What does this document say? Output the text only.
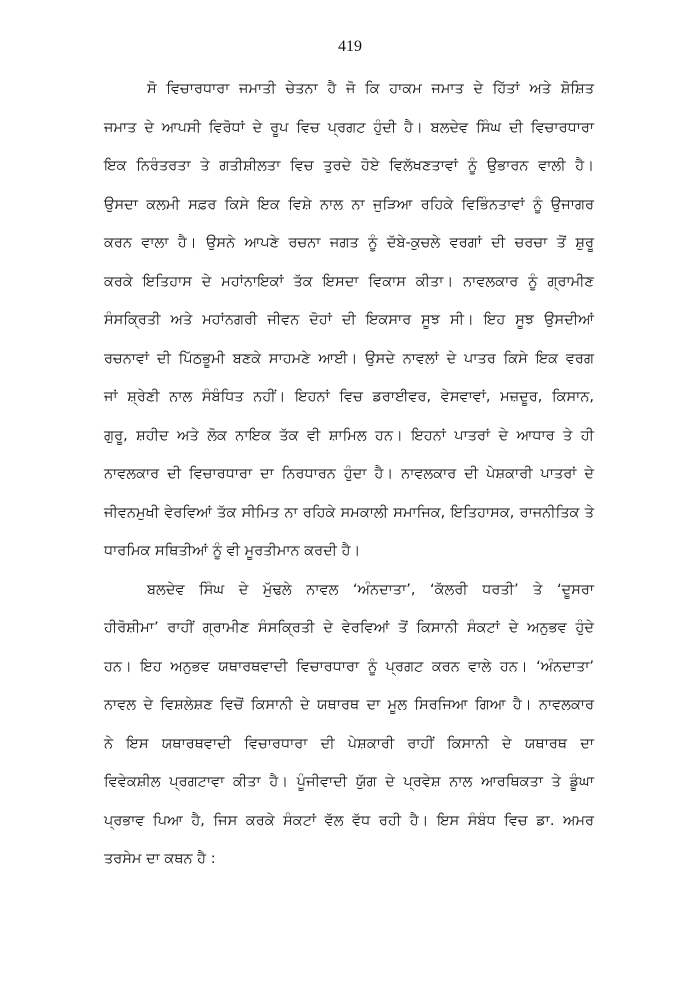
419
ਸੋ ਵਿਚਾਰਧਾਰਾ ਜਮਾਤੀ ਚੇਤਨਾ ਹੈ ਜੋ ਕਿ ਹਾਕਮ ਜਮਾਤ ਦੇ ਹਿੱਤਾਂ ਅਤੇ ਸ਼ੋਸ਼ਿਤ
ਜਮਾਤ ਦੇ ਆਪਸੀ ਵਿਰੋਧਾਂ ਦੇ ਰੂਪ ਵਿਚ ਪ੍ਰਗਟ ਹੁੰਦੀ ਹੈ। ਬਲਦੇਵ ਸਿੰਘ ਦੀ ਵਿਚਾਰਧਾਰਾ
ਇਕ ਨਿਰੰਤਰਤਾ ਤੇ ਗਤੀਸ਼ੀਲਤਾ ਵਿਚ ਤੁਰਦੇ ਹੋਏ ਵਿਲੱਖਣਤਾਵਾਂ ਨੂੰ ਉਭਾਰਨ ਵਾਲੀ ਹੈ।
ਉਸਦਾ ਕਲਮੀ ਸਫ਼ਰ ਕਿਸੇ ਇਕ ਵਿਸ਼ੇ ਨਾਲ ਨਾ ਜੁੜਿਆ ਰਹਿਕੇ ਵਿਭਿੰਨਤਾਵਾਂ ਨੂੰ ਉਜਾਗਰ
ਕਰਨ ਵਾਲਾ ਹੈ। ਉਸਨੇ ਆਪਣੇ ਰਚਨਾ ਜਗਤ ਨੂੰ ਦੱਬੇ-ਕੁਚਲੇ ਵਰਗਾਂ ਦੀ ਚਰਚਾ ਤੋਂ ਸ਼ੁਰੂ
ਕਰਕੇ ਇਤਿਹਾਸ ਦੇ ਮਹਾਂਨਾਇਕਾਂ ਤੱਕ ਇਸਦਾ ਵਿਕਾਸ ਕੀਤਾ। ਨਾਵਲਕਾਰ ਨੂੰ ਗ੍ਰਾਮੀਣ
ਸੰਸਕ੍ਰਿਤੀ ਅਤੇ ਮਹਾਂਨਗਰੀ ਜੀਵਨ ਦੋਹਾਂ ਦੀ ਇਕਸਾਰ ਸੂਝ ਸੀ। ਇਹ ਸੂਝ ਉਸਦੀਆਂ
ਰਚਨਾਵਾਂ ਦੀ ਪਿੱਠਭੂਮੀ ਬਣਕੇ ਸਾਹਮਣੇ ਆਈ। ਉਸਦੇ ਨਾਵਲਾਂ ਦੇ ਪਾਤਰ ਕਿਸੇ ਇਕ ਵਰਗ
ਜਾਂ ਸ਼੍ਰੇਣੀ ਨਾਲ ਸੰਬੰਧਿਤ ਨਹੀਂ। ਇਹਨਾਂ ਵਿਚ ਡਰਾਈਵਰ, ਵੇਸਵਾਵਾਂ, ਮਜ਼ਦੂਰ, ਕਿਸਾਨ,
ਗੁਰੂ, ਸ਼ਹੀਦ ਅਤੇ ਲੋਕ ਨਾਇਕ ਤੱਕ ਵੀ ਸ਼ਾਮਿਲ ਹਨ। ਇਹਨਾਂ ਪਾਤਰਾਂ ਦੇ ਆਧਾਰ ਤੇ ਹੀ
ਨਾਵਲਕਾਰ ਦੀ ਵਿਚਾਰਧਾਰਾ ਦਾ ਨਿਰਧਾਰਨ ਹੁੰਦਾ ਹੈ। ਨਾਵਲਕਾਰ ਦੀ ਪੇਸ਼ਕਾਰੀ ਪਾਤਰਾਂ ਦੇ
ਜੀਵਨਮੁਖੀ ਵੇਰਵਿਆਂ ਤੱਕ ਸੀਮਿਤ ਨਾ ਰਹਿਕੇ ਸਮਕਾਲੀ ਸਮਾਜਿਕ, ਇਤਿਹਾਸਕ, ਰਾਜਨੀਤਿਕ ਤੇ
ਧਾਰਮਿਕ ਸਥਿਤੀਆਂ ਨੂੰ ਵੀ ਮੂਰਤੀਮਾਨ ਕਰਦੀ ਹੈ।
ਬਲਦੇਵ ਸਿੰਘ ਦੇ ਮੁੱਢਲੇ ਨਾਵਲ ‘ਅੰਨਦਾਤਾ’, ‘ਕੱਲਰੀ ਧਰਤੀ’ ਤੇ ‘ਦੂਸਰਾ
ਹੀਰੋਸ਼ੀਮਾ’ ਰਾਹੀਂ ਗ੍ਰਾਮੀਣ ਸੰਸਕ੍ਰਿਤੀ ਦੇ ਵੇਰਵਿਆਂ ਤੋਂ ਕਿਸਾਨੀ ਸੰਕਟਾਂ ਦੇ ਅਨੁਭਵ ਹੁੰਦੇ
ਹਨ। ਇਹ ਅਨੁਭਵ ਯਥਾਰਥਵਾਦੀ ਵਿਚਾਰਧਾਰਾ ਨੂੰ ਪ੍ਰਗਟ ਕਰਨ ਵਾਲੇ ਹਨ। ‘ਅੰਨਦਾਤਾ’
ਨਾਵਲ ਦੇ ਵਿਸ਼ਲੇਸ਼ਣ ਵਿਚੋਂ ਕਿਸਾਨੀ ਦੇ ਯਥਾਰਥ ਦਾ ਮੂਲ ਸਿਰਜਿਆ ਗਿਆ ਹੈ। ਨਾਵਲਕਾਰ
ਨੇ ਇਸ ਯਥਾਰਥਵਾਦੀ ਵਿਚਾਰਧਾਰਾ ਦੀ ਪੇਸ਼ਕਾਰੀ ਰਾਹੀਂ ਕਿਸਾਨੀ ਦੇ ਯਥਾਰਥ ਦਾ
ਵਿਵੇਕਸ਼ੀਲ ਪ੍ਰਗਟਾਵਾ ਕੀਤਾ ਹੈ। ਪੂੰਜੀਵਾਦੀ ਯੁੱਗ ਦੇ ਪ੍ਰਵੇਸ਼ ਨਾਲ ਆਰਥਿਕਤਾ ਤੇ ਡੂੰਘਾ
ਪ੍ਰਭਾਵ ਪਿਆ ਹੈ, ਜਿਸ ਕਰਕੇ ਸੰਕਟਾਂ ਵੱਲ ਵੱਧ ਰਹੀ ਹੈ। ਇਸ ਸੰਬੰਧ ਵਿਚ ਡਾ. ਅਮਰ
ਤਰਸੇਮ ਦਾ ਕਥਨ ਹੈ :
